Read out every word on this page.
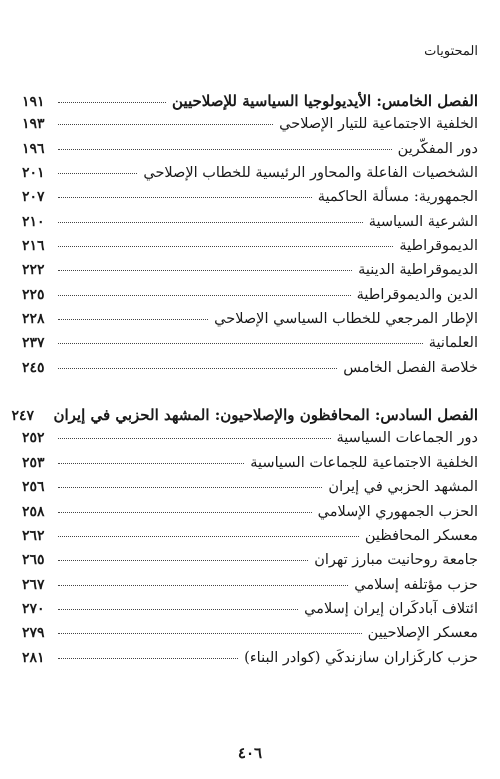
المحتويات
الفصل الخامس: الأيديولوجيا السياسية للإصلاحيين
١٩١
الخلفية الاجتماعية للتيار الإصلاحي
١٩٣
دور المفكّرين
١٩٦
الشخصيات الفاعلة والمحاور الرئيسية للخطاب الإصلاحي
٢٠١
الجمهورية: مسألة الحاكمية
٢٠٧
الشرعية السياسية
٢١٠
الديموقراطية
٢١٦
الديموقراطية الدينية
٢٢٢
الدين والديموقراطية
٢٢٥
الإطار المرجعي للخطاب السياسي الإصلاحي
٢٢٨
العلمانية
٢٣٧
خلاصة الفصل الخامس
٢٤٥
الفصل السادس: المحافظون والإصلاحيون: المشهد الحزبي في إيران
٢٤٧
دور الجماعات السياسية
٢٥٢
الخلفية الاجتماعية للجماعات السياسية
٢٥٣
المشهد الحزبي في إيران
٢٥٦
الحزب الجمهوري الإسلامي
٢٥٨
معسكر المحافظين
٢٦٢
جامعة روحانيت مبارز تهران
٢٦٥
حزب مؤتلفه إسلامي
٢٦٧
ائتلاف آبادكَران إيران إسلامي
٢٧٠
معسكر الإصلاحيين
٢٧٩
حزب كاركَزاران سازندكَي (كوادر البناء)
٢٨١
٤٠٦
